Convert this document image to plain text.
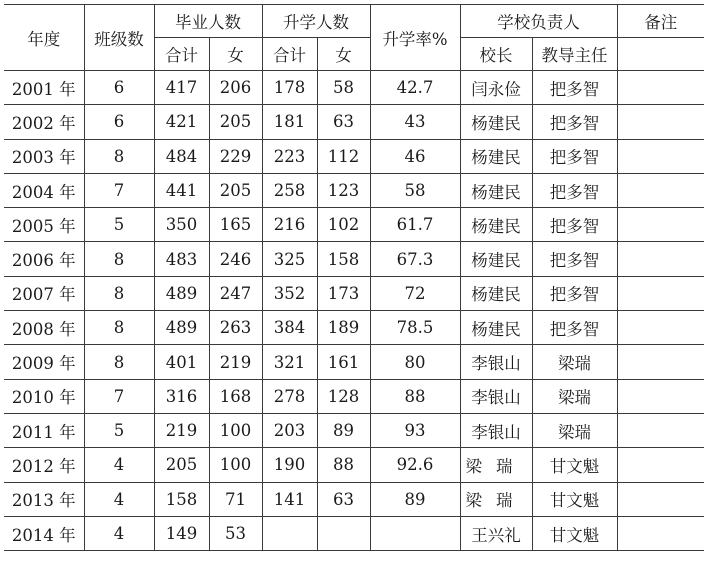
年度	班级数	毕业人数		升学人数		升学率%	学校负责人		备注
		合计	女	合计	女		校长	教导主任	
2001 年	6	417	206	178	58	42.7	闫永俭	把多智	
2002 年	6	421	205	181	63	43	杨建民	把多智	
2003 年	8	484	229	223	112	46	杨建民	把多智	
2004 年	7	441	205	258	123	58	杨建民	把多智	
2005 年	5	350	165	216	102	61.7	杨建民	把多智	
2006 年	8	483	246	325	158	67.3	杨建民	把多智	
2007 年	8	489	247	352	173	72	杨建民	把多智	
2008 年	8	489	263	384	189	78.5	杨建民	把多智	
2009 年	8	401	219	321	161	80	李银山	梁瑞	
2010 年	7	316	168	278	128	88	李银山	梁瑞	
2011 年	5	219	100	203	89	93	李银山	梁瑞	
2012 年	4	205	100	190	88	92.6	梁瑞	甘文魁	
2013 年	4	158	71	141	63	89	梁瑞	甘文魁	
2014 年	4	149	53				王兴礼	甘文魁	
